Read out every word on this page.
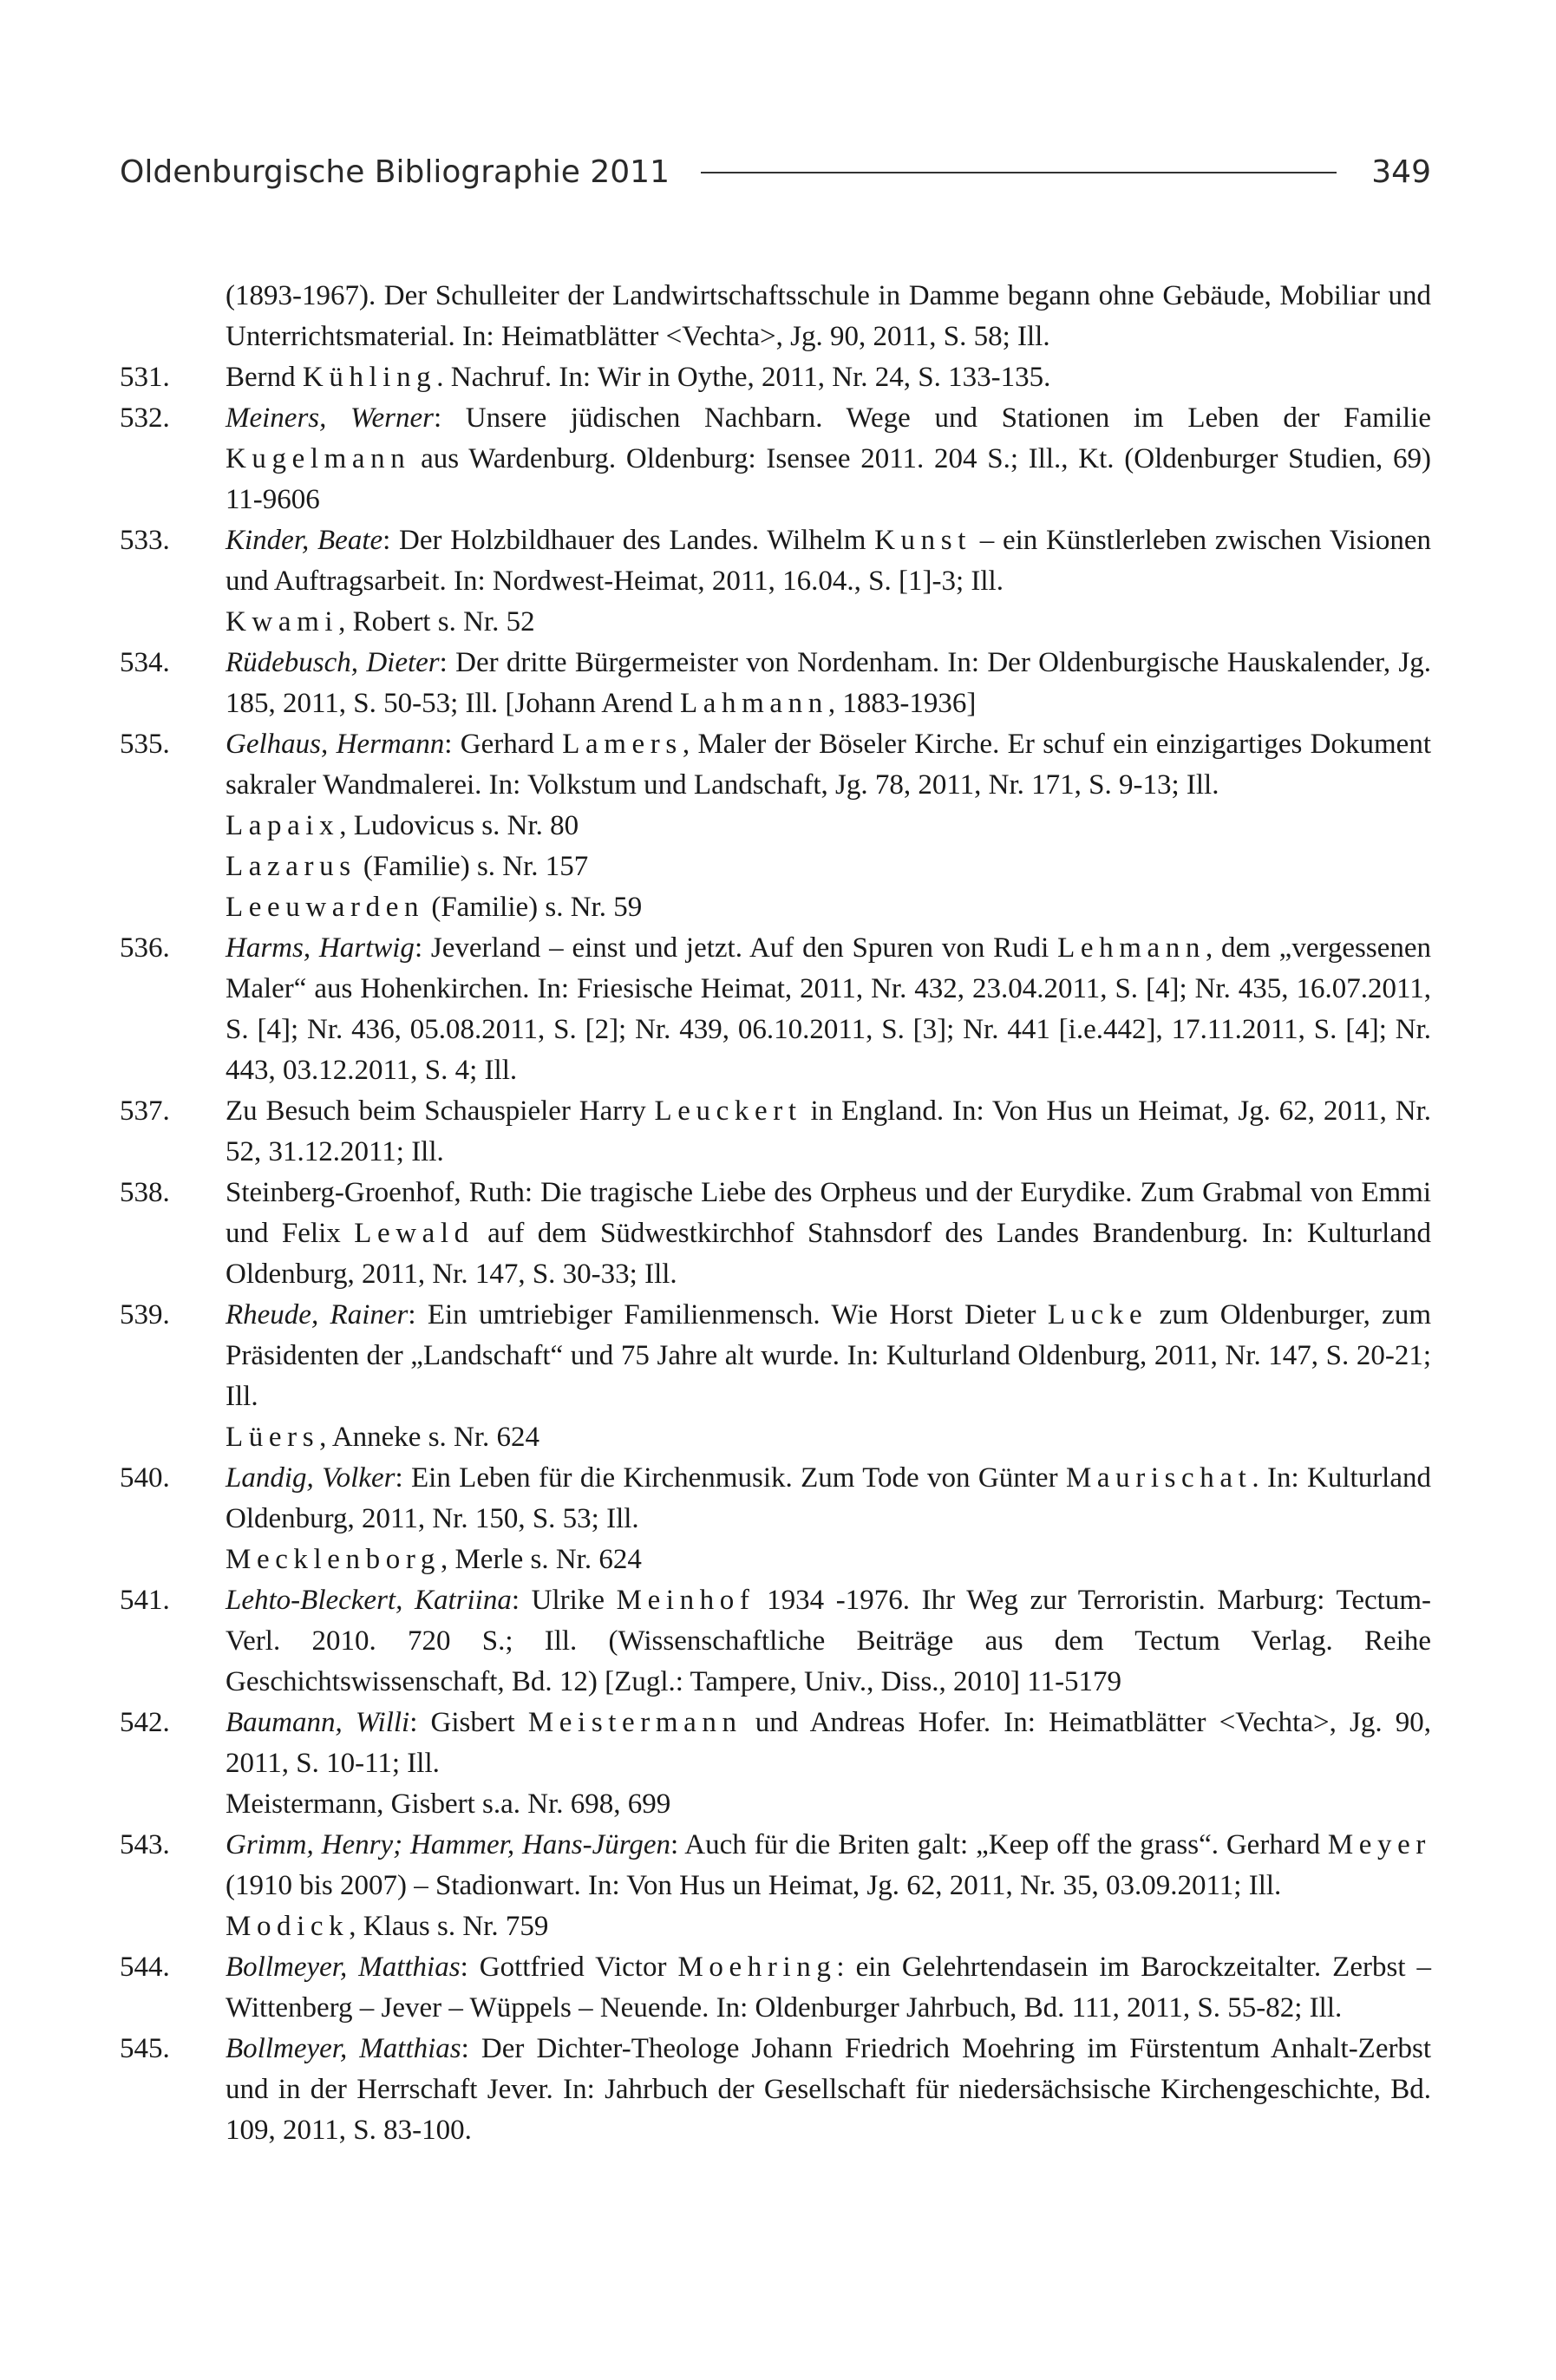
Oldenburgische Bibliographie 2011	349
(1893-1967). Der Schulleiter der Landwirtschaftsschule in Damme begann ohne Gebäude, Mobiliar und Unterrichtsmaterial. In: Heimatblätter <Vechta>, Jg. 90, 2011, S. 58; Ill.
531.	Bernd Kühling. Nachruf. In: Wir in Oythe, 2011, Nr. 24, S. 133-135.
532.	Meiners, Werner: Unsere jüdischen Nachbarn. Wege und Stationen im Leben der Familie Kugelmann aus Wardenburg. Oldenburg: Isensee 2011. 204 S.; Ill., Kt. (Oldenburger Studien, 69) 11-9606
533.	Kinder, Beate: Der Holzbildhauer des Landes. Wilhelm Kunst – ein Künstlerleben zwischen Visionen und Auftragsarbeit. In: Nordwest-Heimat, 2011, 16.04., S. [1]-3; Ill.
Kwami, Robert s. Nr. 52
534.	Rüdebusch, Dieter: Der dritte Bürgermeister von Nordenham. In: Der Oldenburgische Hauskalender, Jg. 185, 2011, S. 50-53; Ill. [Johann Arend Lahmann, 1883-1936]
535.	Gelhaus, Hermann: Gerhard Lamers, Maler der Böseler Kirche. Er schuf ein einzigartiges Dokument sakraler Wandmalerei. In: Volkstum und Landschaft, Jg. 78, 2011, Nr. 171, S. 9-13; Ill.
Lapaix, Ludovicus s. Nr. 80
Lazarus (Familie) s. Nr. 157
Leeuwarden (Familie) s. Nr. 59
536.	Harms, Hartwig: Jeverland – einst und jetzt. Auf den Spuren von Rudi Lehmann, dem „vergessenen Maler“ aus Hohenkirchen. In: Friesische Heimat, 2011, Nr. 432, 23.04.2011, S. [4]; Nr. 435, 16.07.2011, S. [4]; Nr. 436, 05.08.2011, S. [2]; Nr. 439, 06.10.2011, S. [3]; Nr. 441 [i.e.442], 17.11.2011, S. [4]; Nr. 443, 03.12.2011, S. 4; Ill.
537.	Zu Besuch beim Schauspieler Harry Leuckert in England. In: Von Hus un Heimat, Jg. 62, 2011, Nr. 52, 31.12.2011; Ill.
538.	Steinberg-Groenhof, Ruth: Die tragische Liebe des Orpheus und der Eurydike. Zum Grabmal von Emmi und Felix Lewald auf dem Südwestkirchhof Stahnsdorf des Landes Brandenburg. In: Kulturland Oldenburg, 2011, Nr. 147, S. 30-33; Ill.
539.	Rheude, Rainer: Ein umtriebiger Familienmensch. Wie Horst Dieter Lucke zum Oldenburger, zum Präsidenten der „Landschaft“ und 75 Jahre alt wurde. In: Kulturland Oldenburg, 2011, Nr. 147, S. 20-21; Ill.
Lüers, Anneke s. Nr. 624
540.	Landig, Volker: Ein Leben für die Kirchenmusik. Zum Tode von Günter Maurischat. In: Kulturland Oldenburg, 2011, Nr. 150, S. 53; Ill.
Mecklenborg, Merle s. Nr. 624
541.	Lehto-Bleckert, Katriina: Ulrike Meinhof 1934 -1976. Ihr Weg zur Terroristin. Marburg: Tectum-Verl. 2010. 720 S.; Ill. (Wissenschaftliche Beiträge aus dem Tectum Verlag. Reihe Geschichtswissenschaft, Bd. 12) [Zugl.: Tampere, Univ., Diss., 2010] 11-5179
542.	Baumann, Willi: Gisbert Meistermann und Andreas Hofer. In: Heimatblätter <Vechta>, Jg. 90, 2011, S. 10-11; Ill.
Meistermann, Gisbert s.a. Nr. 698, 699
543.	Grimm, Henry; Hammer, Hans-Jürgen: Auch für die Briten galt: „Keep off the grass“. Gerhard Meyer (1910 bis 2007) – Stadionwart. In: Von Hus un Heimat, Jg. 62, 2011, Nr. 35, 03.09.2011; Ill.
Modick, Klaus s. Nr. 759
544.	Bollmeyer, Matthias: Gottfried Victor Moehring: ein Gelehrtendasein im Barockzeitalter. Zerbst – Wittenberg – Jever – Wüppels – Neuende. In: Oldenburger Jahrbuch, Bd. 111, 2011, S. 55-82; Ill.
545.	Bollmeyer, Matthias: Der Dichter-Theologe Johann Friedrich Moehring im Fürstentum Anhalt-Zerbst und in der Herrschaft Jever. In: Jahrbuch der Gesellschaft für niedersächsische Kirchengeschichte, Bd. 109, 2011, S. 83-100.
